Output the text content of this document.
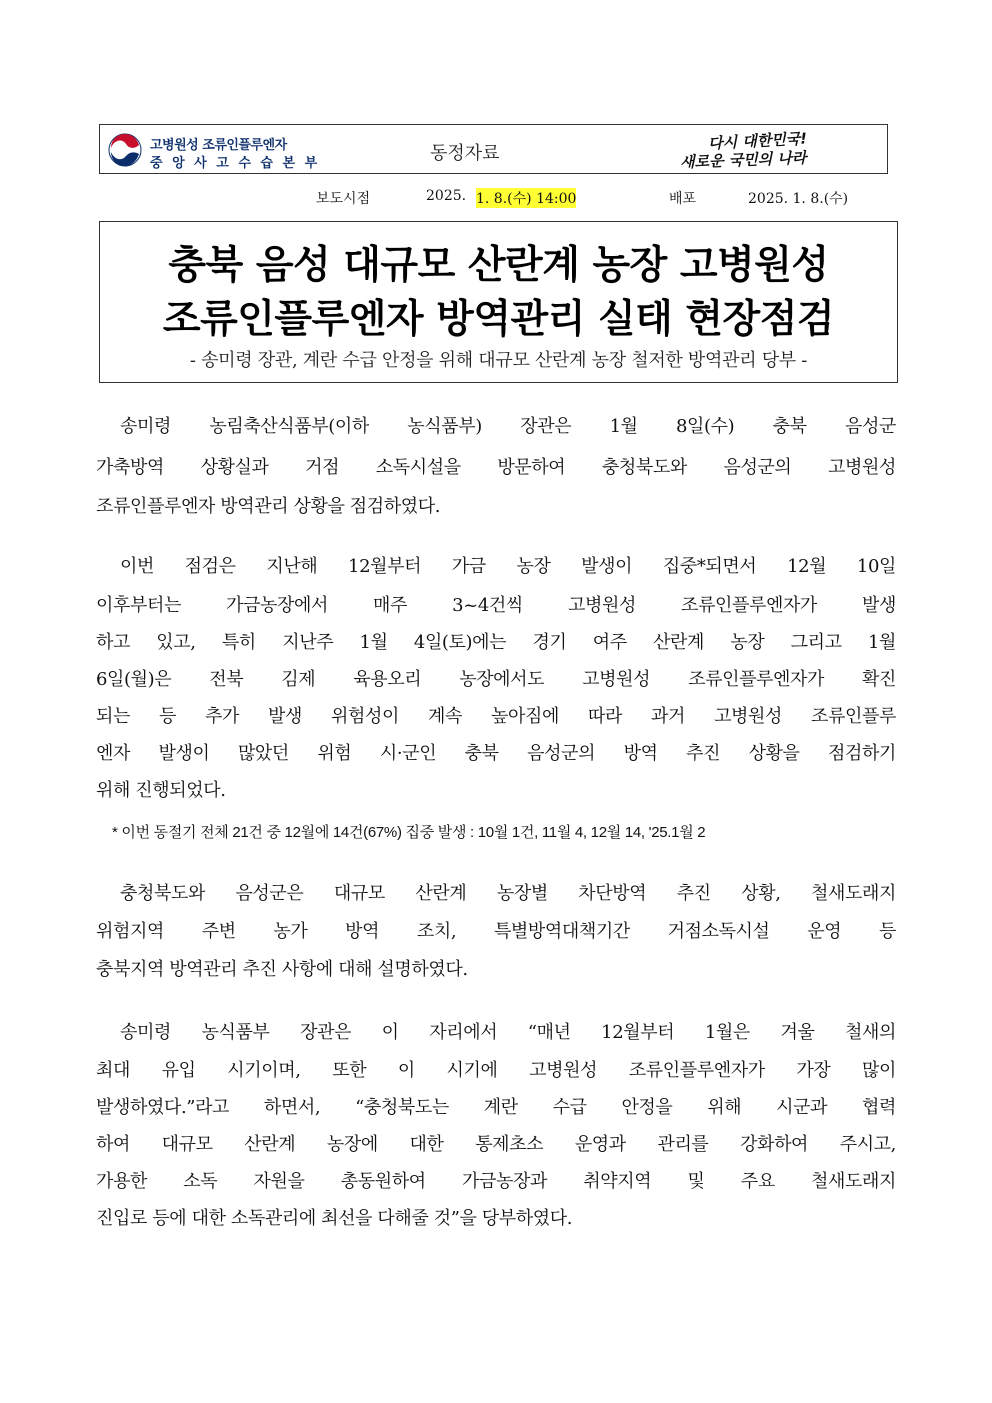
고병원성 조류인플루엔자
중 앙 사 고 수 습 본 부	동정자료
다시 대한민국!
새로운 국민의 나라
보도시점	2025. 1. 8.(수) 14:00	배포	2025. 1. 8.(수)
충북 음성 대규모 산란계 농장 고병원성
조류인플루엔자 방역관리 실태 현장점검
- 송미령 장관, 계란 수급 안정을 위해 대규모 산란계 농장 철저한 방역관리 당부 -
송미령 농림축산식품부(이하 농식품부) 장관은 1월 8일(수) 충북 음성군
가축방역 상황실과 거점 소독시설을 방문하여 충청북도와 음성군의 고병원성
조류인플루엔자 방역관리 상황을 점검하였다.
이번 점검은 지난해 12월부터 가금 농장 발생이 집중*되면서 12월 10일
이후부터는 가금농장에서 매주 3~4건씩 고병원성 조류인플루엔자가 발생
하고 있고, 특히 지난주 1월 4일(토)에는 경기 여주 산란계 농장 그리고 1월
6일(월)은 전북 김제 육용오리 농장에서도 고병원성 조류인플루엔자가 확진
되는 등 추가 발생 위험성이 계속 높아짐에 따라 과거 고병원성 조류인플루
엔자 발생이 많았던 위험 시·군인 충북 음성군의 방역 추진 상황을 점검하기
위해 진행되었다.
* 이번 동절기 전체 21건 중 12월에 14건(67%) 집중 발생 : 10월 1건, 11월 4, 12월 14, '25.1월 2
충청북도와 음성군은 대규모 산란계 농장별 차단방역 추진 상황, 철새도래지
위험지역 주변 농가 방역 조치, 특별방역대책기간 거점소독시설 운영 등
충북지역 방역관리 추진 사항에 대해 설명하였다.
송미령 농식품부 장관은 이 자리에서 “매년 12월부터 1월은 겨울 철새의
최대 유입 시기이며, 또한 이 시기에 고병원성 조류인플루엔자가 가장 많이
발생하였다.”라고 하면서, “충청북도는 계란 수급 안정을 위해 시군과 협력
하여 대규모 산란계 농장에 대한 통제초소 운영과 관리를 강화하여 주시고,
가용한 소독 자원을 총동원하여 가금농장과 취약지역 및 주요 철새도래지
진입로 등에 대한 소독관리에 최선을 다해줄 것”을 당부하였다.
